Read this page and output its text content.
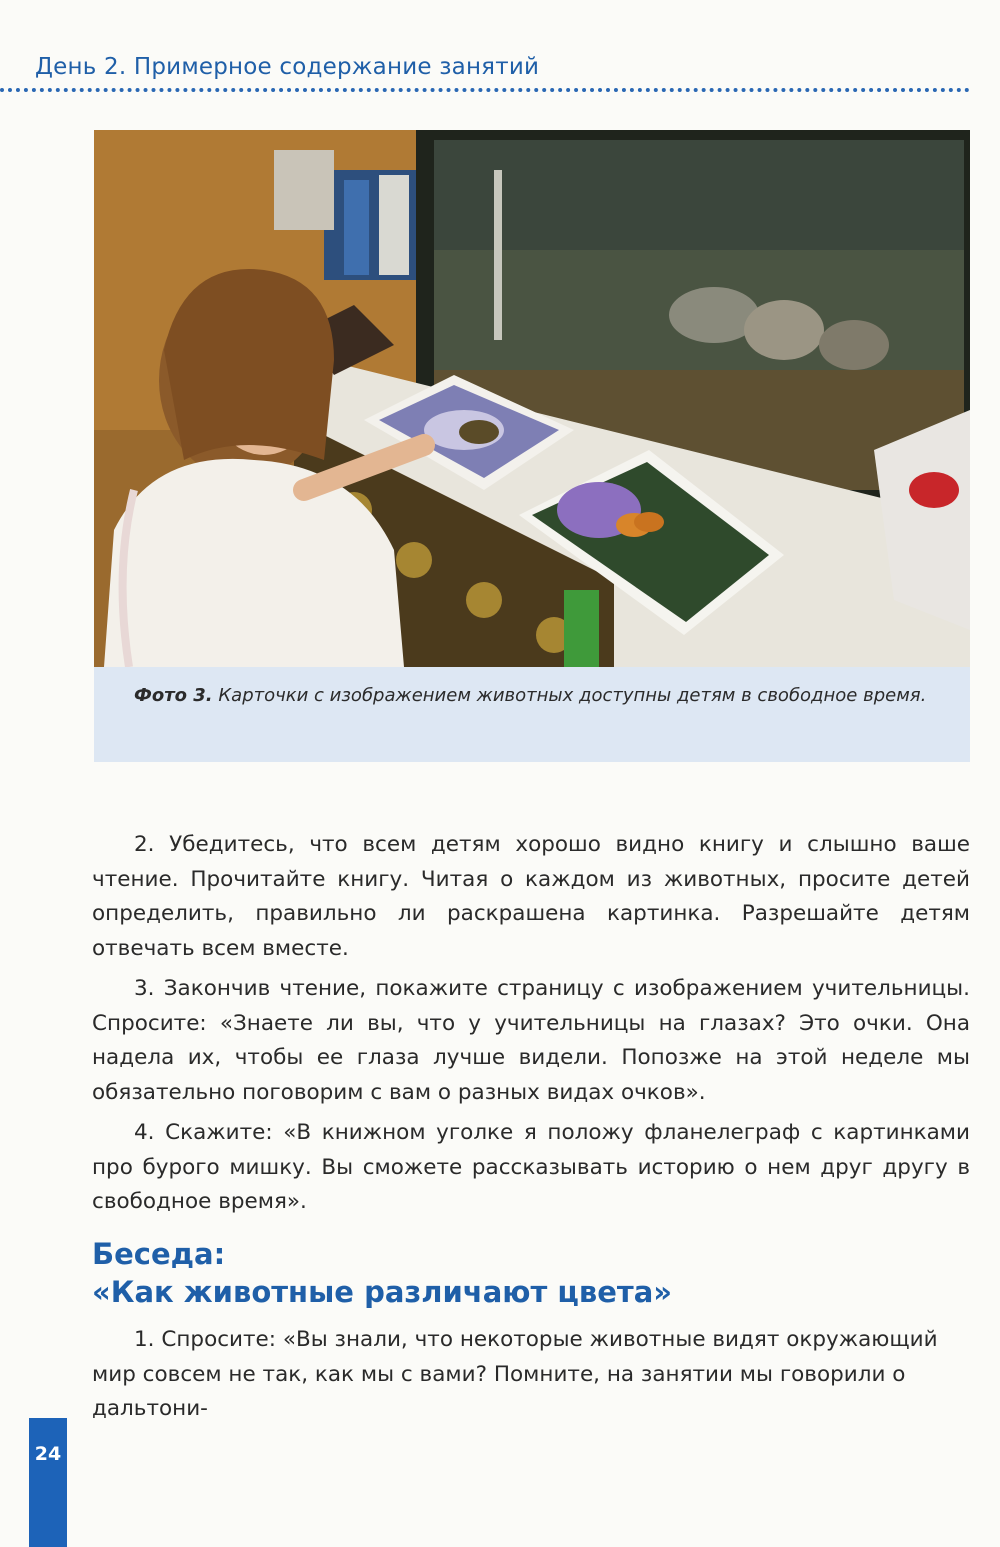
День 2. Примерное содержание занятий
Фото 3. Карточки с изображением животных доступны детям в свободное время.

2. Убедитесь, что всем детям хорошо видно книгу и слышно ваше чтение. Прочитайте книгу. Читая о каждом из животных, просите детей определить, правильно ли раскрашена картинка. Разрешайте детям отвечать всем вместе.

3. Закончив чтение, покажите страницу с изображением учительницы. Спросите: «Знаете ли вы, что у учительницы на глазах? Это очки. Она надела их, чтобы ее глаза лучше видели. Попозже на этой неделе мы обязательно поговорим с вам о разных видах очков».

4. Скажите: «В книжном уголке я положу фланелеграф с картинками про бурого мишку. Вы сможете рассказывать историю о нем друг другу в свободное время».

Беседа:
«Как животные различают цвета»

1. Спросите: «Вы знали, что некоторые животные видят окружающий мир совсем не так, как мы с вами? Помните, на занятии мы говорили о дальтони-

24
